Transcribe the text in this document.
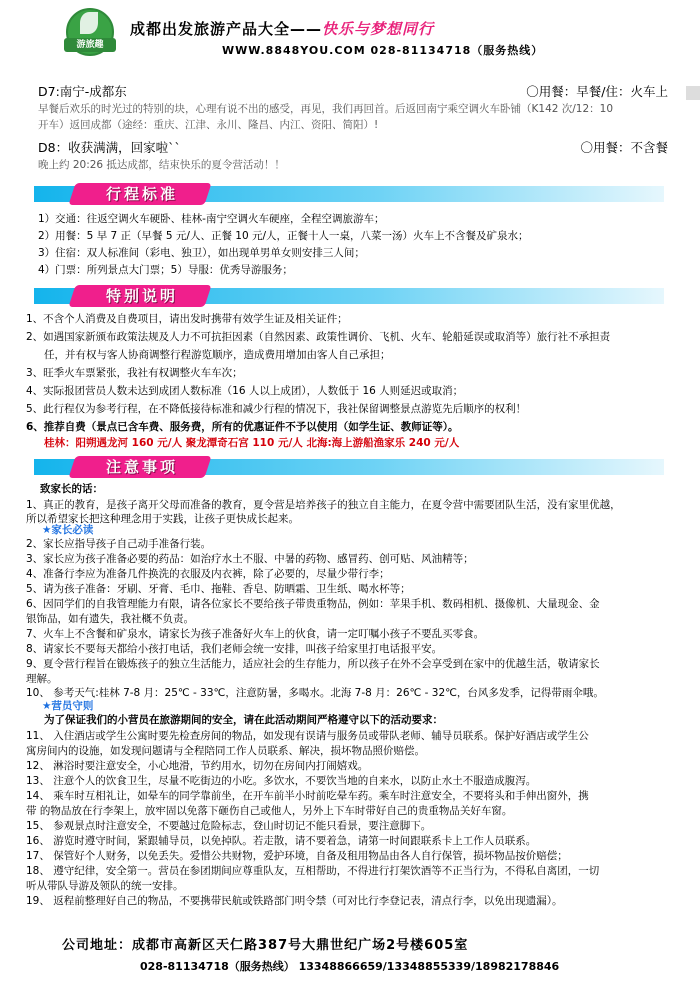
游旅趣
成都出发旅游产品大全——快乐与梦想同行
WWW.8848YOU.COM 028-81134718（服务热线）
D7:南宁-成都东	〇用餐：早餐/住：火车上
早餐后欢乐的时光过的特别的块，心理有说不出的感受，再见，我们再回首。后返回南宁乘空调火车卧铺（K142 次/12：10
开车）返回成都（途经：重庆、江津、永川、隆昌、内江、资阳、简阳）!
D8：收获满满，回家啦``	〇用餐：不含餐
晚上约 20:26 抵达成都，结束快乐的夏令营活动！！
行程标准
1）交通：往返空调火车硬卧、桂林-南宁空调火车硬座，全程空调旅游车；
2）用餐：5 早 7 正（早餐 5 元/人、正餐 10 元/人，正餐十人一桌，八菜一汤）火车上不含餐及矿泉水；
3）住宿：双人标准间（彩电、独卫），如出现单男单女则安排三人间；
4）门票：所列景点大门票；5）导服：优秀导游服务；
特别说明
1、不含个人消费及自费项目，请出发时携带有效学生证及相关证件；
2、如遇国家新颁布政策法规及人力不可抗拒因素（自然因素、政策性调价、飞机、火车、轮船延误或取消等）旅行社不承担责
任，并有权与客人协商调整行程游览顺序，造成费用增加由客人自己承担；
3、旺季火车票紧张，我社有权调整火车车次；
4、实际报团营员人数未达到成团人数标准（16 人以上成团），人数低于 16 人则延迟或取消；
5、此行程仅为参考行程，在不降低接待标准和减少行程的情况下，我社保留调整景点游览先后顺序的权利！
6、推荐自费（景点已含车费、服务费，所有的优惠证件不予以使用（如学生证、教师证等）。
桂林：阳朔遇龙河 160 元/人 聚龙潭奇石宫 110 元/人 北海:海上游船渔家乐 240 元/人
注意事项
致家长的话：
1、真正的教育，是孩子离开父母而准备的教育，夏令营是培养孩子的独立自主能力，在夏令营中需要团队生活，没有家里优越，
所以希望家长把这种理念用于实践，让孩子更快成长起来。
★家长必读
2、家长应指导孩子自己动手准备行装。
3、家长应为孩子准备必要的药品：如治疗水土不服、中暑的药物、感冒药、创可贴、风油精等；
4、准备行李应为准备几件换洗的衣服及内衣裤，除了必要的，尽量少带行李；
5、请为孩子准备：牙刷、牙膏、毛巾、拖鞋、香皂、防晒霜、卫生纸、喝水杯等；
6、因同学们的自我管理能力有限，请各位家长不要给孩子带贵重物品，例如：苹果手机、数码相机、摄像机、大量现金、金
银饰品，如有遗失，我社概不负责。
7、火车上不含餐和矿泉水，请家长为孩子准备好火车上的伙食，请一定叮嘱小孩子不要乱买零食。
8、请家长不要每天都给小孩打电话，我们老师会统一安排，叫孩子给家里打电话报平安。
9、夏令营行程旨在锻炼孩子的独立生活能力，适应社会的生存能力，所以孩子在外不会享受到在家中的优越生活，敬请家长
理解。
10、 参考天气:桂林 7-8 月：25℃ - 33℃，注意防暑，多喝水。北海 7-8 月：26℃ - 32℃，台风多发季，记得带雨伞哦。
★营员守则
为了保证我们的小营员在旅游期间的安全，请在此活动期间严格遵守以下的活动要求：
11、 入住酒店或学生公寓时要先检查房间的物品，如发现有误请与服务员或带队老师、辅导员联系。保护好酒店或学生公
寓房间内的设施，如发现问题请与全程陪同工作人员联系、解决，损坏物品照价赔偿。
12、 淋浴时要注意安全，小心地滑，节约用水，切勿在房间内打闹嬉戏。
13、 注意个人的饮食卫生，尽量不吃街边的小吃。多饮水，不要饮当地的自来水，以防止水土不服造成腹泻。
14、 乘车时互相礼让，如晕车的同学靠前坐，在开车前半小时前吃晕车药。乘车时注意安全，不要将头和手伸出窗外，携
带 的物品放在行李架上，放牢固以免落下砸伤自己或他人，另外上下车时带好自己的贵重物品关好车窗。
15、 参观景点时注意安全，不要越过危险标志，登山时切记不能只看景，要注意脚下。
16、 游览时遵守时间，紧跟辅导员，以免掉队。若走散，请不要着急，请第一时间跟联系卡上工作人员联系。
17、 保管好个人财务，以免丢失。爱惜公共财物，爱护环境，自备及租用物品由各人自行保管，损坏物品按价赔偿；
18、 遵守纪律，安全第一。营员在参团期间应尊重队友，互相帮助，不得进行打架饮酒等不正当行为，不得私自离团，一切
听从带队导游及领队的统一安排。
19、 返程前整理好自己的物品，不要携带民航或铁路部门明令禁（可对比行李登记表，清点行李，以免出现遗漏）。
公司地址：成都市高新区天仁路387号大鼎世纪广场2号楼605室
028-81134718（服务热线） 13348866659/13348855339/18982178846
